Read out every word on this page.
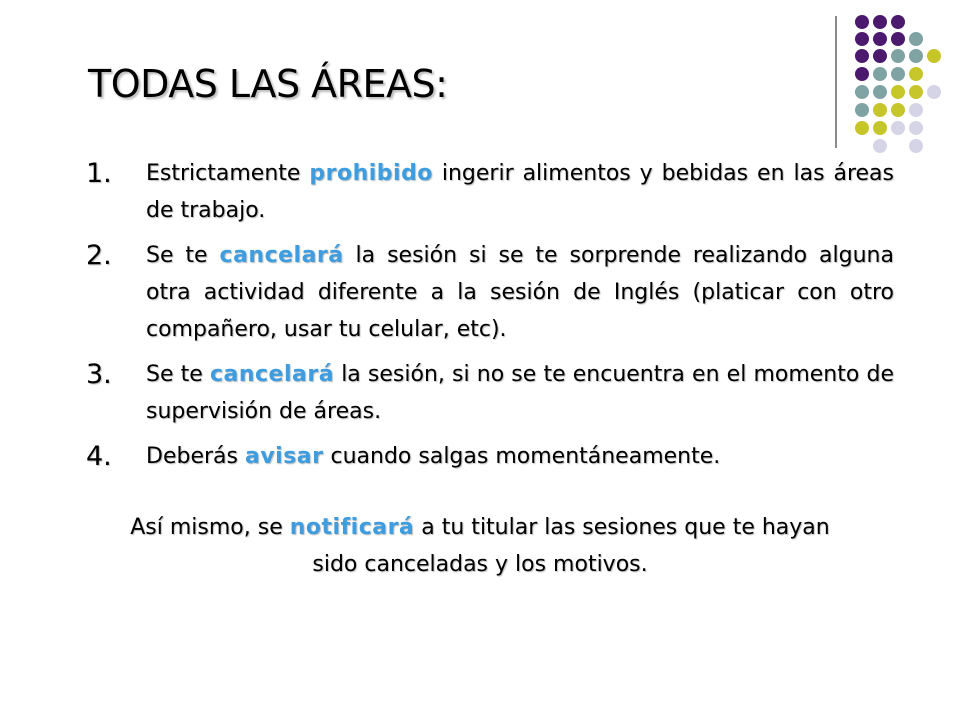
TODAS LAS ÁREAS:
1. Estrictamente prohibido ingerir alimentos y bebidas en las áreas de trabajo.
2. Se te cancelará la sesión si se te sorprende realizando alguna otra actividad diferente a la sesión de Inglés (platicar con otro compañero, usar tu celular, etc).
3. Se te cancelará la sesión, si no se te encuentra en el momento de supervisión de áreas.
4. Deberás avisar cuando salgas momentáneamente.

Así mismo, se notificará a tu titular las sesiones que te hayan
sido canceladas y los motivos.
